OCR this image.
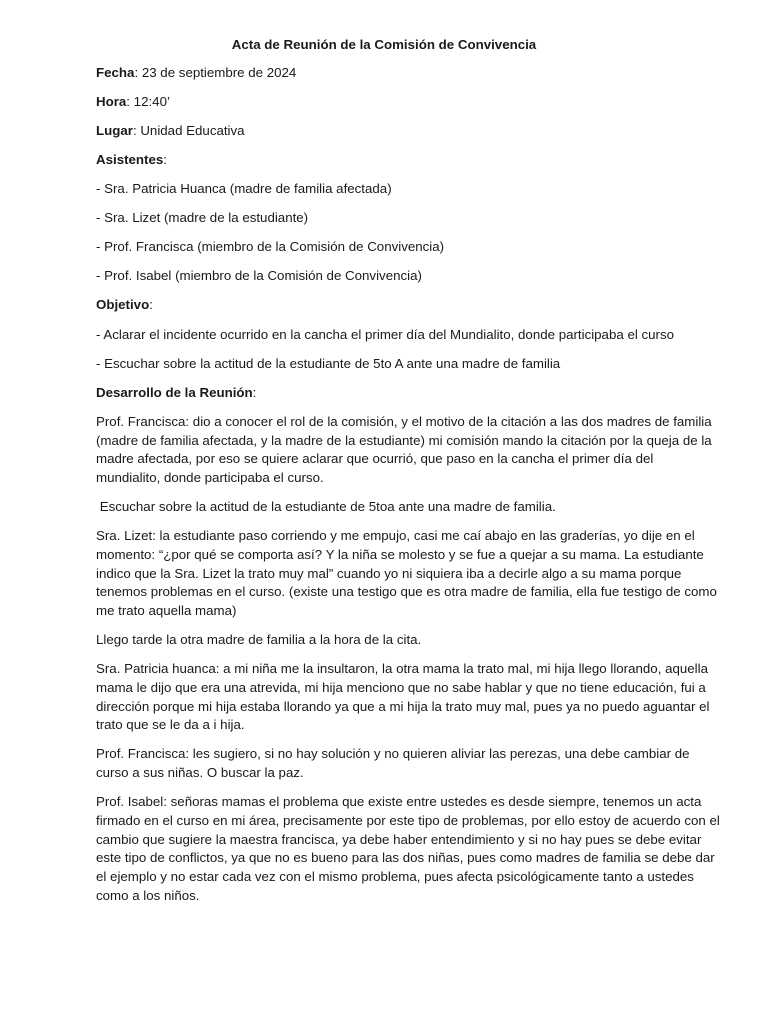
Acta de Reunión de la Comisión de Convivencia

Fecha: 23 de septiembre de 2024

Hora: 12:40’

Lugar: Unidad Educativa

Asistentes:

- Sra. Patricia Huanca (madre de familia afectada)

- Sra. Lizet (madre de la estudiante)

- Prof. Francisca (miembro de la Comisión de Convivencia)

- Prof. Isabel (miembro de la Comisión de Convivencia)

Objetivo:

- Aclarar el incidente ocurrido en la cancha el primer día del Mundialito, donde participaba el curso

- Escuchar sobre la actitud de la estudiante de 5to A ante una madre de familia

Desarrollo de la Reunión:

Prof. Francisca: dio a conocer el rol de la comisión, y el motivo de la citación a las dos madres de familia (madre de familia afectada, y la madre de la estudiante) mi comisión mando la citación por la queja de la madre afectada, por eso se quiere aclarar que ocurrió, que paso en la cancha el primer día del mundialito, donde participaba el curso.

Escuchar sobre la actitud de la estudiante de 5toa ante una madre de familia.

Sra. Lizet: la estudiante paso corriendo y me empujo, casi me caí abajo en las graderías, yo dije en el momento: “¿por qué se comporta así? Y la niña se molesto y se fue a quejar a su mama. La estudiante indico que la Sra. Lizet la trato muy mal” cuando yo ni siquiera iba a decirle algo a su mama porque tenemos problemas en el curso. (existe una testigo que es otra madre de familia, ella fue testigo de como me trato aquella mama)

Llego tarde la otra madre de familia a la hora de la cita.

Sra. Patricia huanca: a mi niña me la insultaron, la otra mama la trato mal, mi hija llego llorando, aquella mama le dijo que era una atrevida, mi hija menciono que no sabe hablar y que no tiene educación, fui a dirección porque mi hija estaba llorando ya que a mi hija la trato muy mal, pues ya no puedo aguantar el trato que se le da a i hija.

Prof. Francisca: les sugiero, si no hay solución y no quieren aliviar las perezas, una debe cambiar de curso a sus niñas. O buscar la paz.

Prof. Isabel: señoras mamas el problema que existe entre ustedes es desde siempre, tenemos un acta firmado en el curso en mi área, precisamente por este tipo de problemas, por ello estoy de acuerdo con el cambio que sugiere la maestra francisca, ya debe haber entendimiento y si no hay pues se debe evitar este tipo de conflictos, ya que no es bueno para las dos niñas, pues como madres de familia se debe dar el ejemplo y no estar cada vez con el mismo problema, pues afecta psicológicamente tanto a ustedes como a los niños.
